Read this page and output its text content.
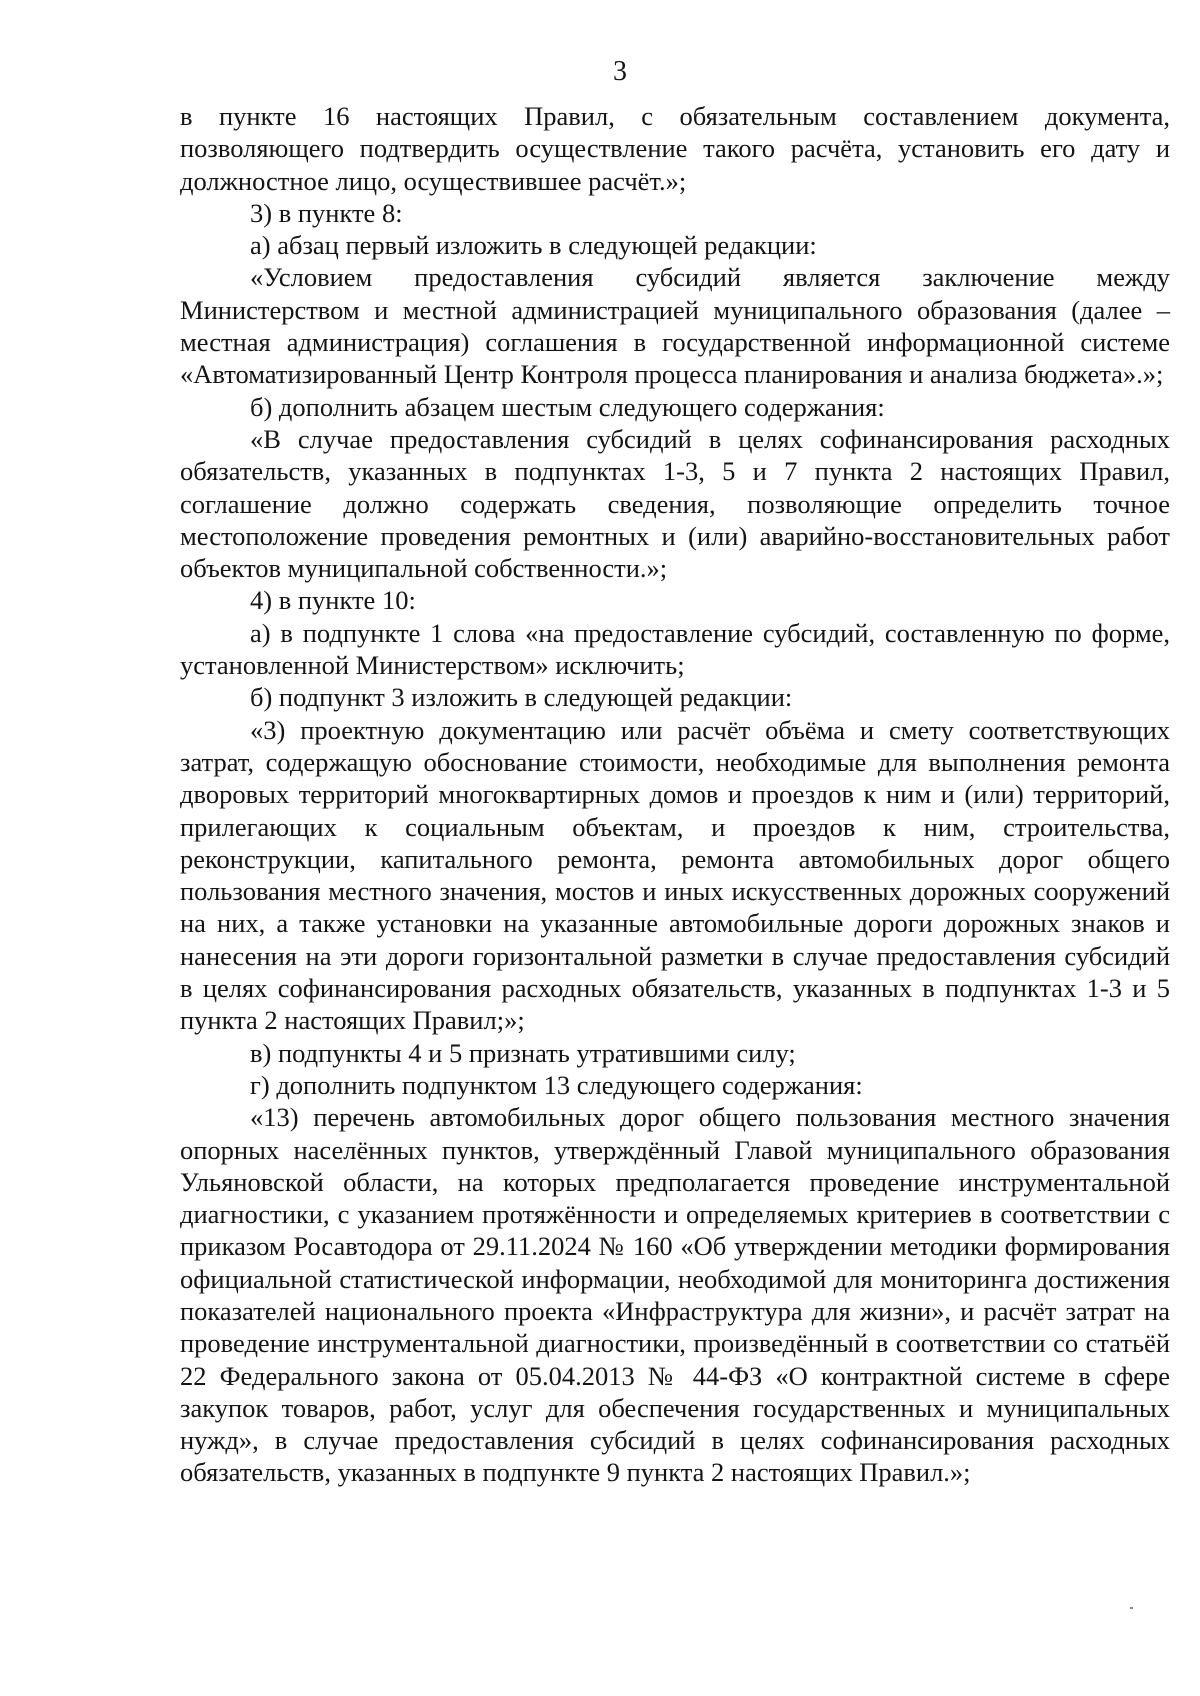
3

в пункте 16 настоящих Правил, с обязательным составлением документа, позволяющего подтвердить осуществление такого расчёта, установить его дату и должностное лицо, осуществившее расчёт.»;

3) в пункте 8:

а) абзац первый изложить в следующей редакции:

«Условием предоставления субсидий является заключение между Министерством и местной администрацией муниципального образования (далее – местная администрация) соглашения в государственной информационной системе «Автоматизированный Центр Контроля процесса планирования и анализа бюджета».»;

б) дополнить абзацем шестым следующего содержания:

«В случае предоставления субсидий в целях софинансирования расходных обязательств, указанных в подпунктах 1-3, 5 и 7 пункта 2 настоящих Правил, соглашение должно содержать сведения, позволяющие определить точное местоположение проведения ремонтных и (или) аварийно-восстановительных работ объектов муниципальной собственности.»;

4) в пункте 10:

а) в подпункте 1 слова «на предоставление субсидий, составленную по форме, установленной Министерством» исключить;

б) подпункт 3 изложить в следующей редакции:

«3) проектную документацию или расчёт объёма и смету соответствующих затрат, содержащую обоснование стоимости, необходимые для выполнения ремонта дворовых территорий многоквартирных домов и проездов к ним и (или) территорий, прилегающих к социальным объектам, и проездов к ним, строительства, реконструкции, капитального ремонта, ремонта автомобильных дорог общего пользования местного значения, мостов и иных искусственных дорожных сооружений на них, а также установки на указанные автомобильные дороги дорожных знаков и нанесения на эти дороги горизонтальной разметки в случае предоставления субсидий в целях софинансирования расходных обязательств, указанных в подпунктах 1-3 и 5 пункта 2 настоящих Правил;»;

в) подпункты 4 и 5 признать утратившими силу;

г) дополнить подпунктом 13 следующего содержания:

«13) перечень автомобильных дорог общего пользования местного значения опорных населённых пунктов, утверждённый Главой муниципального образования Ульяновской области, на которых предполагается проведение инструментальной диагностики, с указанием протяжённости и определяемых критериев в соответствии с приказом Росавтодора от 29.11.2024 № 160 «Об утверждении методики формирования официальной статистической информации, необходимой для мониторинга достижения показателей национального проекта «Инфраструктура для жизни», и расчёт затрат на проведение инструментальной диагностики, произведённый в соответствии со статьёй 22 Федерального закона от 05.04.2013 № 44-ФЗ «О контрактной системе в сфере закупок товаров, работ, услуг для обеспечения государственных и муниципальных нужд», в случае предоставления субсидий в целях софинансирования расходных обязательств, указанных в подпункте 9 пункта 2 настоящих Правил.»;
